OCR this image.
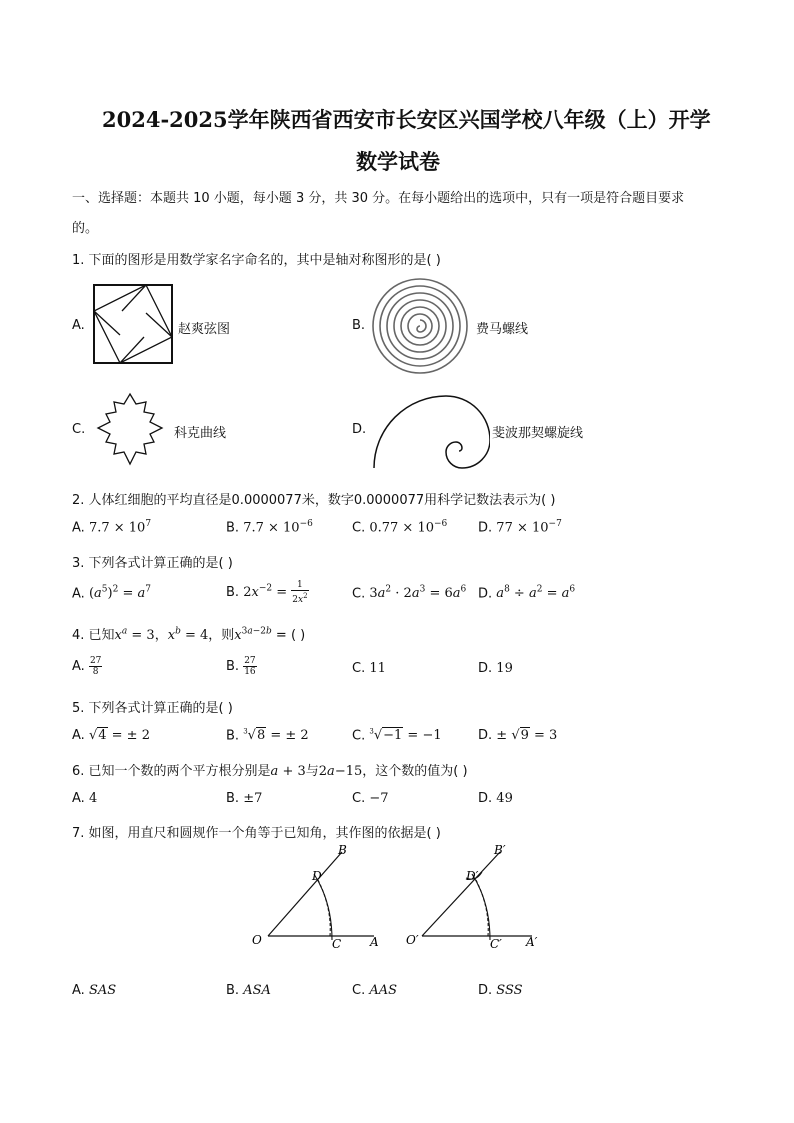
2024-2025学年陕西省西安市长安区兴国学校八年级（上）开学
数学试卷
一、选择题：本题共 10 小题，每小题 3 分，共 30 分。在每小题给出的选项中，只有一项是符合题目要求
的。
1. 下面的图形是用数学家名字命名的，其中是轴对称图形的是( )
A.	赵爽弦图	B.	费马螺线
C.	科克曲线	D.	斐波那契螺旋线
2. 人体红细胞的平均直径是0.0000077米，数字0.0000077用科学记数法表示为( )
A. $7.7 \times 10^7$	B. $7.7 \times 10^{-6}$	C. $0.77 \times 10^{-6}$ D. $77 \times 10^{-7}$
3. 下列各式计算正确的是( )
A. $(a^5)^2 = a^7$	B. $2x^{-2} = \frac{1}{2x^2}$	C. $3a^2 \cdot 2a^3 = 6a^6$ D. $a^8 \div a^2 = a^6$
4. 已知$x^a = 3$，$x^b = 4$，则$x^{3a-2b}$ = ( )
A. $\frac{27}{8}$	B. $\frac{27}{16}$	C. 11	D. 19
5. 下列各式计算正确的是( )
A. √4 = ± 2	B. $^3$√8 = ± 2	C. $^3$√−1 = −1	D. ± √9 = 3
6. 已知一个数的两个平方根分别是a + 3与2a−15，这个数的值为( )
A. 4	B. ±7	C. −7	D. 49
7. 如图，用直尺和圆规作一个角等于已知角，其作图的依据是( )
O	C A
D
B
O′	C′ A′
D′
B′
A. SAS	B. ASA	C. AAS	D. SSS
